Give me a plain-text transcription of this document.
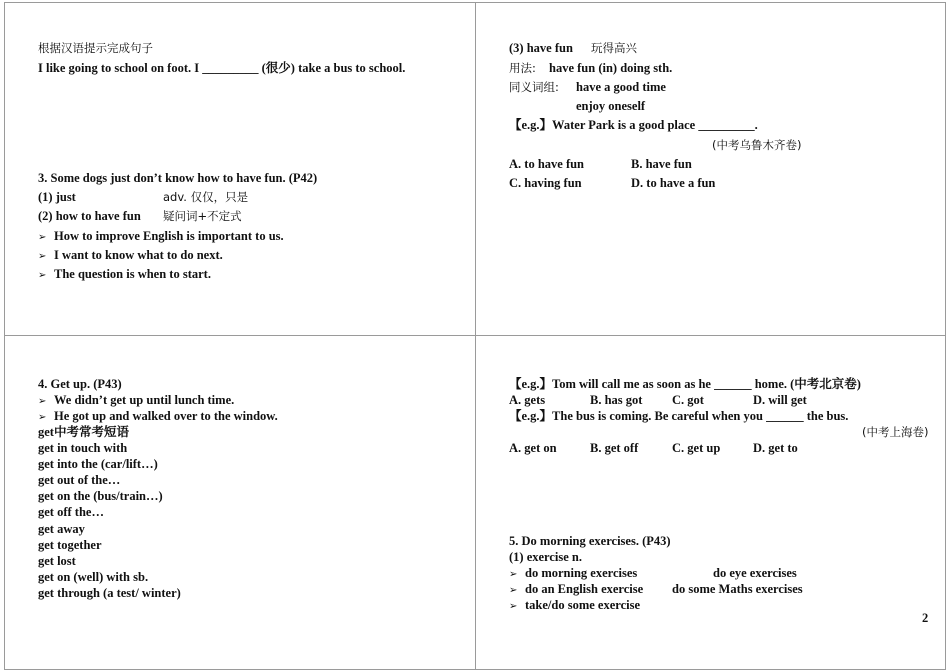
根据汉语提示完成句子
I like going to school on foot. I _________ (很少) take a bus to school.
3. Some dogs just don’t know how to have fun. (P42)
(1) just	adv. 仅仅，只是
(2) how to have fun 疑问词+不定式
➢ How to improve English is important to us.
➢ I want to know what to do next.
➢ The question is when to start.
(3) have fun 玩得高兴
用法: have fun (in) doing sth.
同义词组: have a good time
enjoy oneself
【e.g.】Water Park is a good place _________.
(中考乌鲁木齐卷)
A. to have fun	B. have fun
C. having fun	D. to have a fun
4. Get up. (P43)
➢ We didn’t get up until lunch time.
➢ He got up and walked over to the window.
get中考常考短语
get in touch with
get into the (car/lift…)
get out of the…
get on the (bus/train…)
get off the…
get away
get together
get lost
get on (well) with sb.
get through (a test/ winter)
【e.g.】Tom will call me as soon as he ______ home. (中考北京卷)
A. gets	B. has got C. got	D. will get
【e.g.】The bus is coming. Be careful when you ______ the bus.
(中考上海卷)
A. get on	B. get off	C. get up	D. get to
5. Do morning exercises. (P43)
(1) exercise n.
➢ do morning exercises	do eye exercises
➢ do an English exercise do some Maths exercises
➢ take/do some exercise
2
